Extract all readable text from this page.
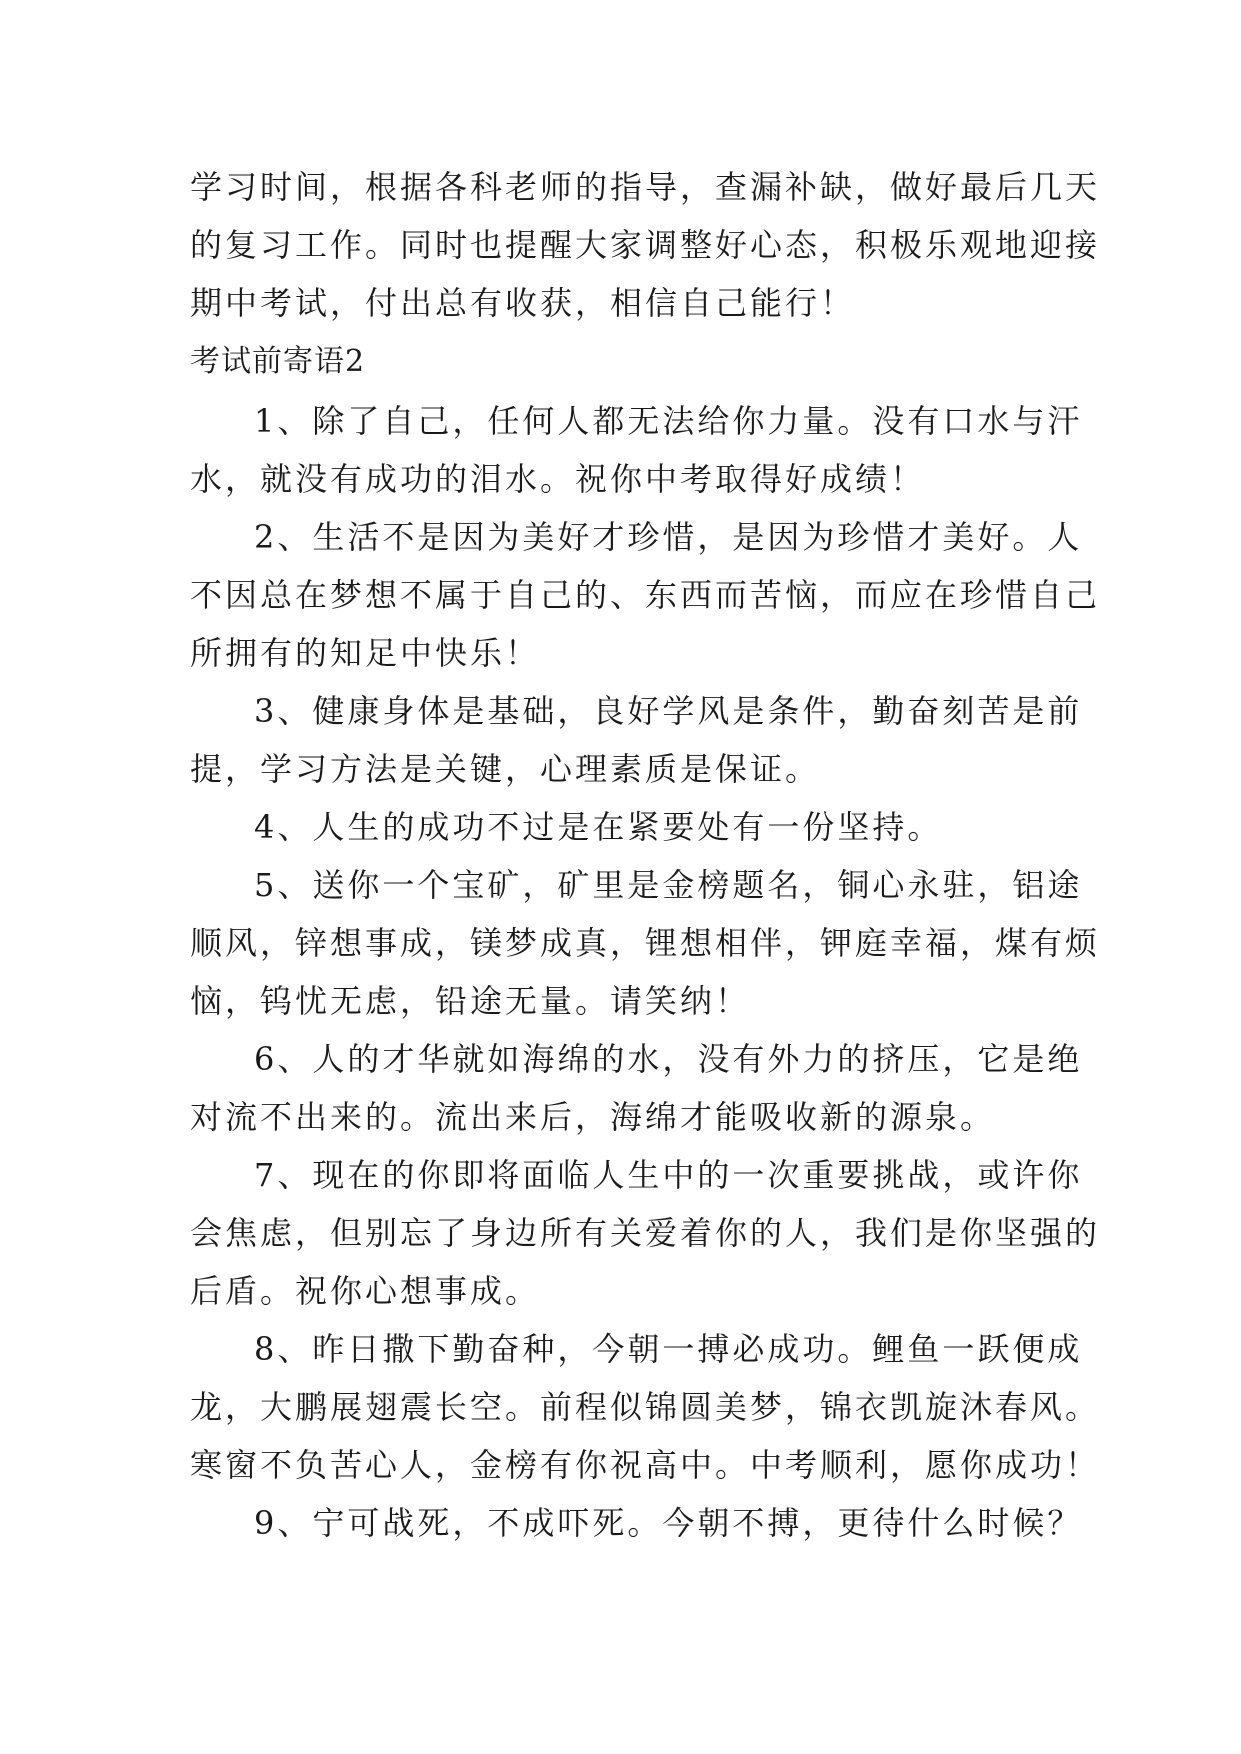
学习时间，根据各科老师的指导，查漏补缺，做好最后几天
的复习工作。同时也提醒大家调整好心态，积极乐观地迎接
期中考试，付出总有收获，相信自己能行！
考试前寄语2
1、除了自己，任何人都无法给你力量。没有口水与汗
水，就没有成功的泪水。祝你中考取得好成绩！
2、生活不是因为美好才珍惜，是因为珍惜才美好。人
不因总在梦想不属于自己的、东西而苦恼，而应在珍惜自己
所拥有的知足中快乐！
3、健康身体是基础，良好学风是条件，勤奋刻苦是前
提，学习方法是关键，心理素质是保证。
4、人生的成功不过是在紧要处有一份坚持。
5、送你一个宝矿，矿里是金榜题名，铜心永驻，铝途
顺风，锌想事成，镁梦成真，锂想相伴，钾庭幸福，煤有烦
恼，钨忧无虑，铅途无量。请笑纳！
6、人的才华就如海绵的水，没有外力的挤压，它是绝
对流不出来的。流出来后，海绵才能吸收新的源泉。
7、现在的你即将面临人生中的一次重要挑战，或许你
会焦虑，但别忘了身边所有关爱着你的人，我们是你坚强的
后盾。祝你心想事成。
8、昨日撒下勤奋种，今朝一搏必成功。鲤鱼一跃便成
龙，大鹏展翅震长空。前程似锦圆美梦，锦衣凯旋沐春风。
寒窗不负苦心人，金榜有你祝高中。中考顺利，愿你成功！
9、宁可战死，不成吓死。今朝不搏，更待什么时候？
